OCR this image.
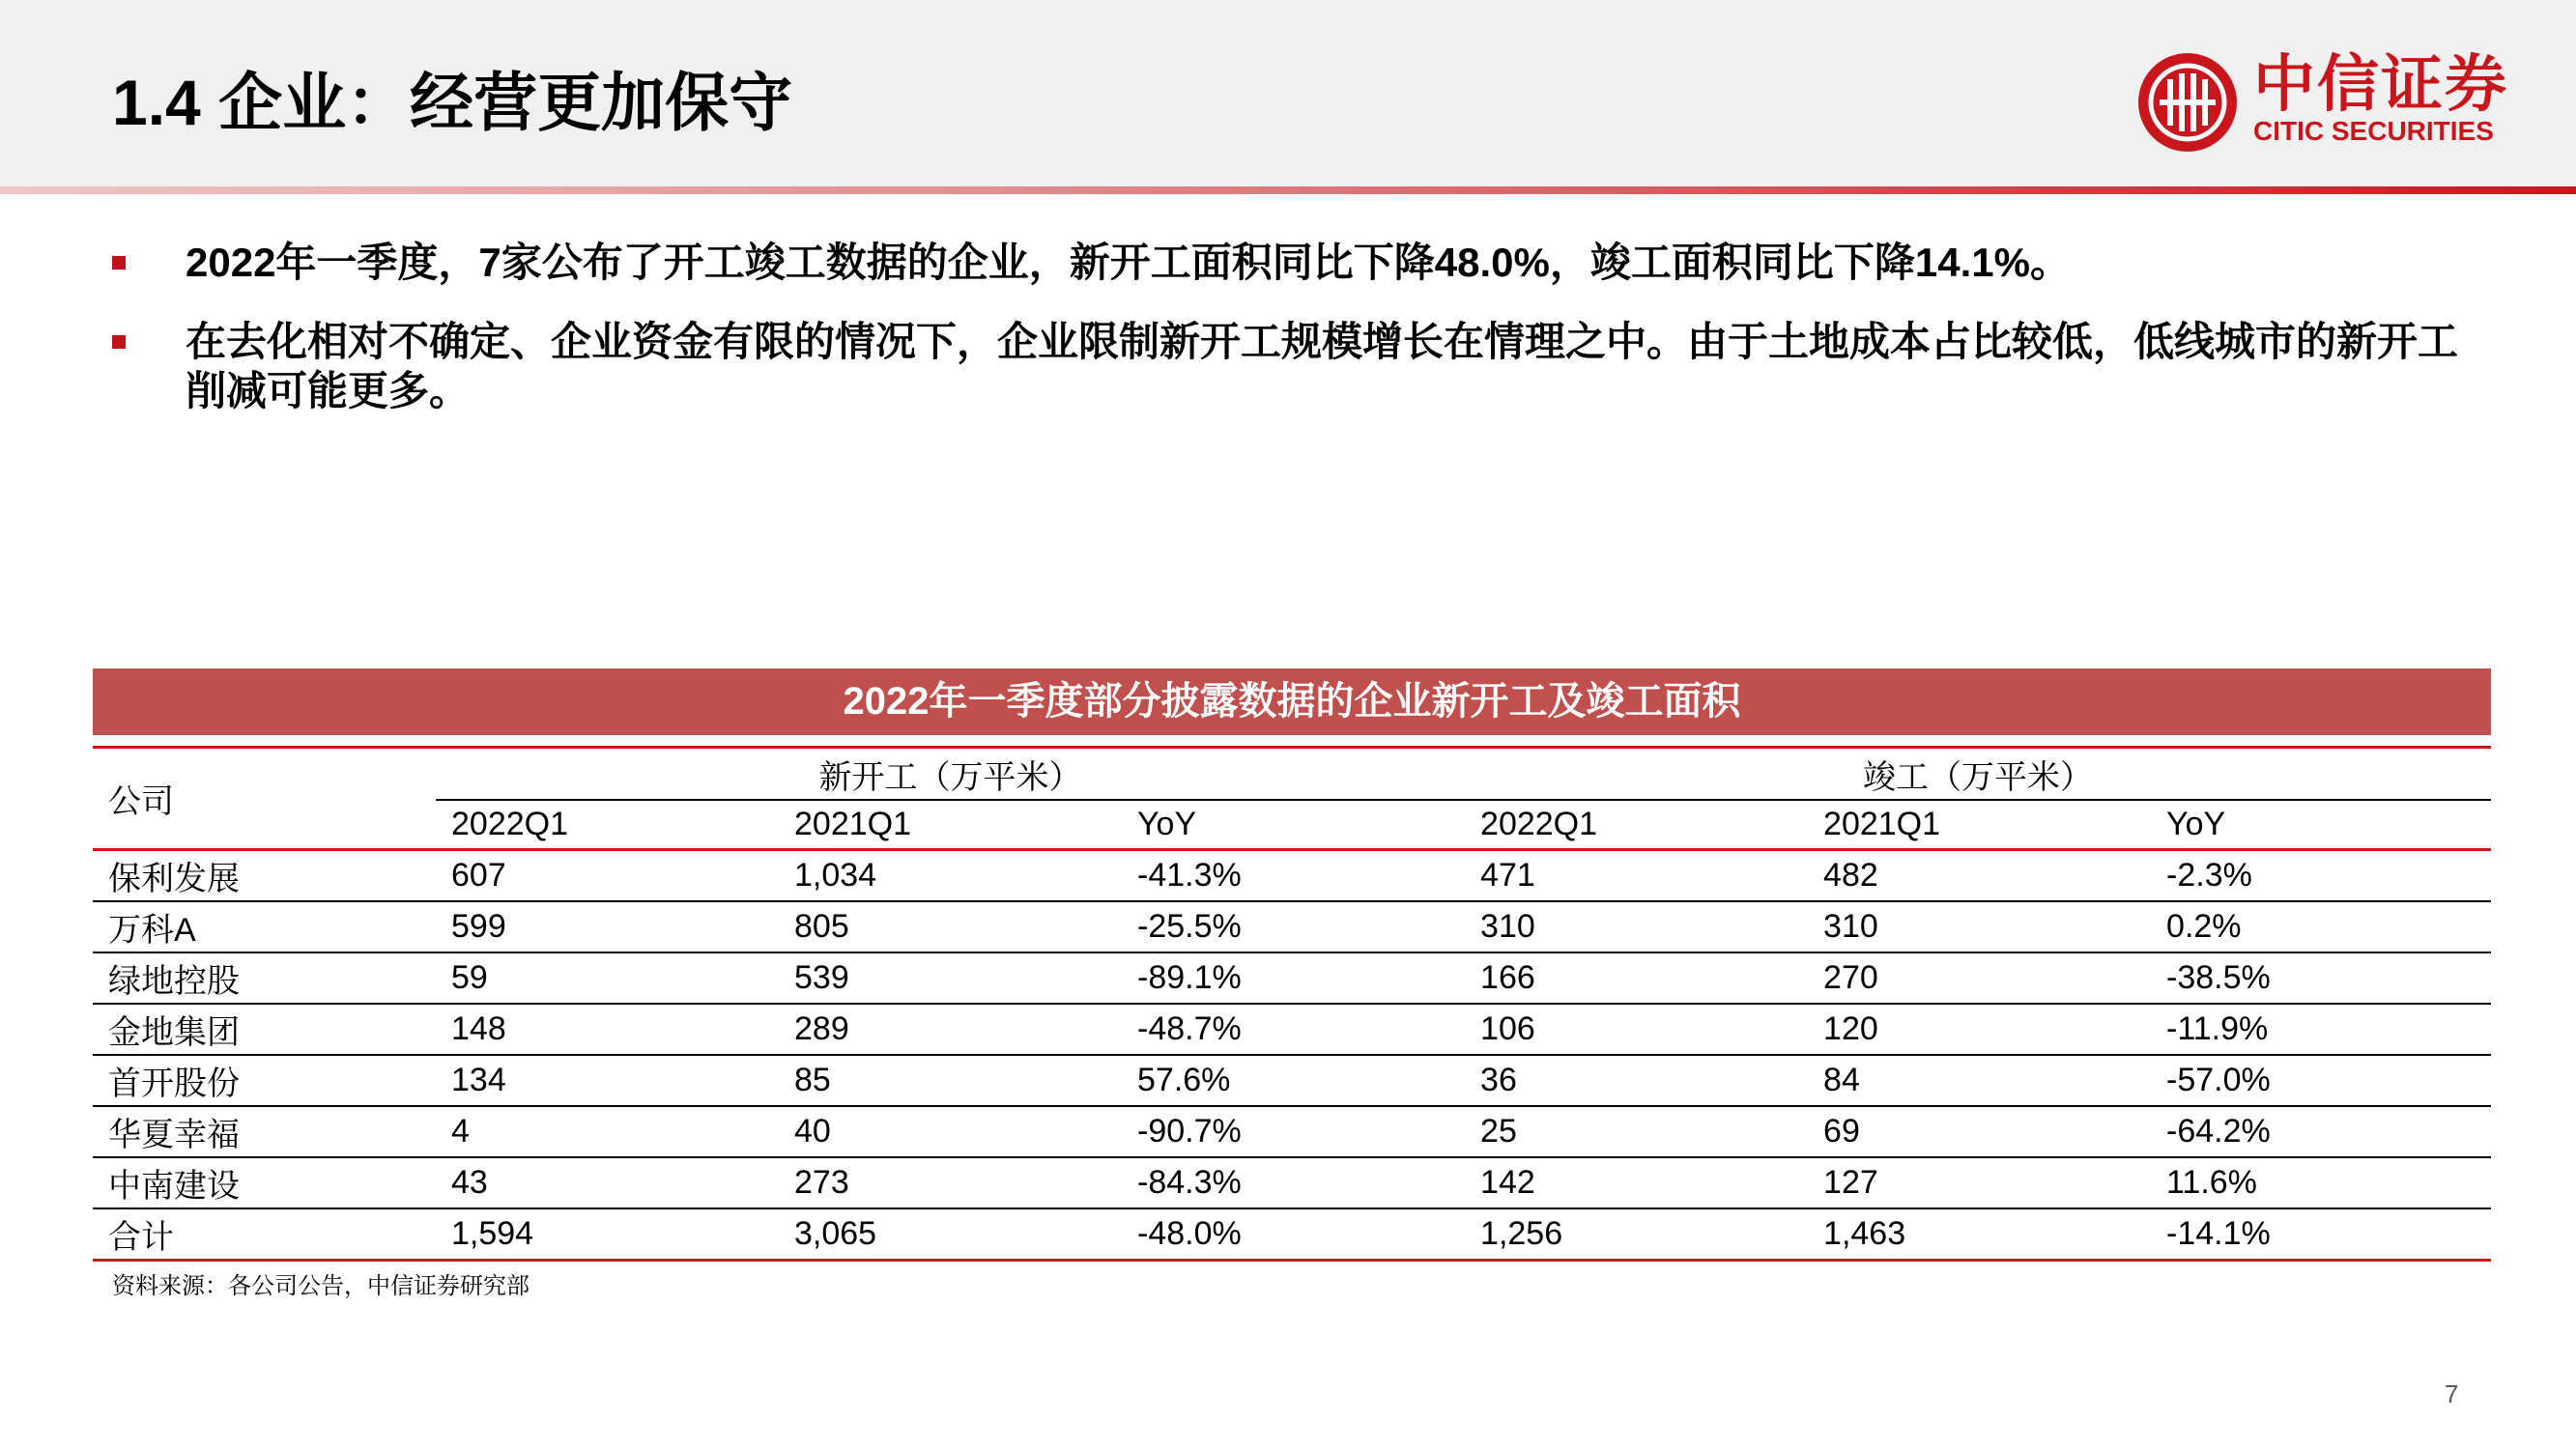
1.4 企业：经营更加保守	中信证券
CITIC SECURITIES
2022年一季度，7家公布了开工竣工数据的企业，新开工面积同比下降48.0%，竣工面积同比下降14.1%。
在去化相对不确定、企业资金有限的情况下，企业限制新开工规模增长在情理之中。由于土地成本占比较低，低线城市的新开工削减可能更多。
2022年一季度部分披露数据的企业新开工及竣工面积
公司	新开工（万平米）			竣工（万平米）		
	2022Q1	2021Q1	YoY	2022Q1	2021Q1	YoY
保利发展	607	1,034	-41.3%	471	482	-2.3%
万科A	599	805	-25.5%	310	310	0.2%
绿地控股	59	539	-89.1%	166	270	-38.5%
金地集团	148	289	-48.7%	106	120	-11.9%
首开股份	134	85	57.6%	36	84	-57.0%
华夏幸福	4	40	-90.7%	25	69	-64.2%
中南建设	43	273	-84.3%	142	127	11.6%
合计	1,594	3,065	-48.0%	1,256	1,463	-14.1%
资料来源：各公司公告，中信证券研究部
7
